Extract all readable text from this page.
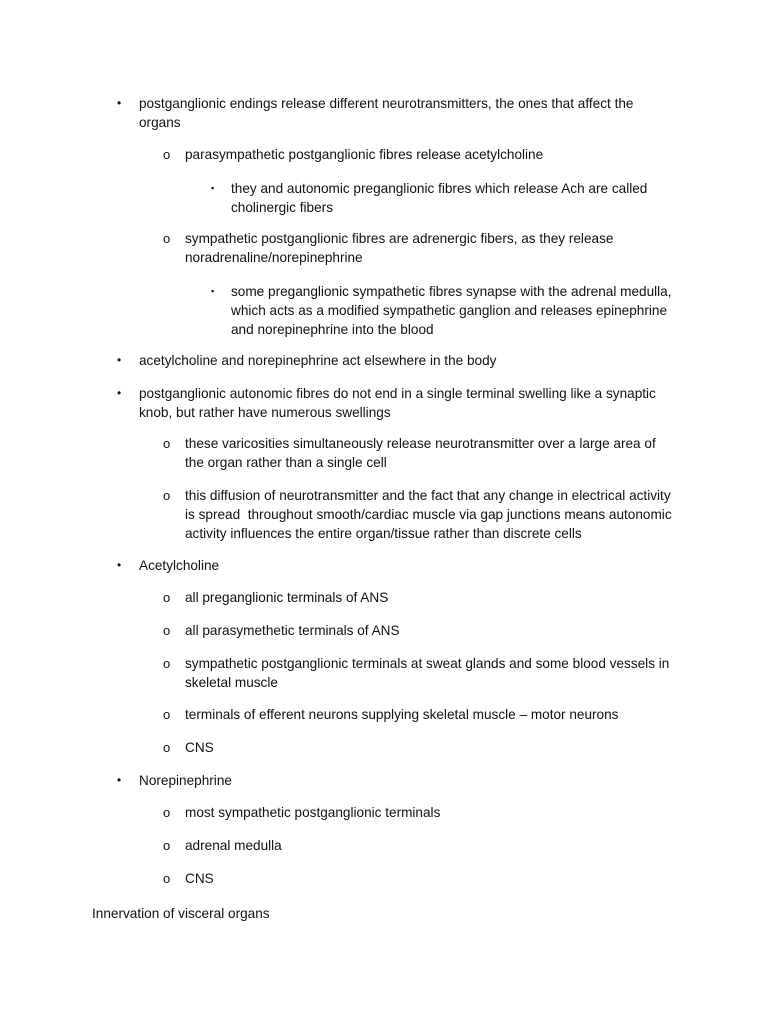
• postganglionic endings release different neurotransmitters, the ones that affect the
organs
o parasympathetic postganglionic fibres release acetylcholine
▪ they and autonomic preganglionic fibres which release Ach are called
cholinergic fibers
o sympathetic postganglionic fibres are adrenergic fibers, as they release
noradrenaline/norepinephrine
▪ some preganglionic sympathetic fibres synapse with the adrenal medulla,
which acts as a modified sympathetic ganglion and releases epinephrine
and norepinephrine into the blood
• acetylcholine and norepinephrine act elsewhere in the body
• postganglionic autonomic fibres do not end in a single terminal swelling like a synaptic
knob, but rather have numerous swellings
o these varicosities simultaneously release neurotransmitter over a large area of
the organ rather than a single cell
o this diffusion of neurotransmitter and the fact that any change in electrical activity
is spread  throughout smooth/cardiac muscle via gap junctions means autonomic
activity influences the entire organ/tissue rather than discrete cells
• Acetylcholine
o all preganglionic terminals of ANS
o all parasymethetic terminals of ANS
o sympathetic postganglionic terminals at sweat glands and some blood vessels in
skeletal muscle
o terminals of efferent neurons supplying skeletal muscle – motor neurons
o CNS
• Norepinephrine
o most sympathetic postganglionic terminals
o adrenal medulla
o CNS
Innervation of visceral organs
